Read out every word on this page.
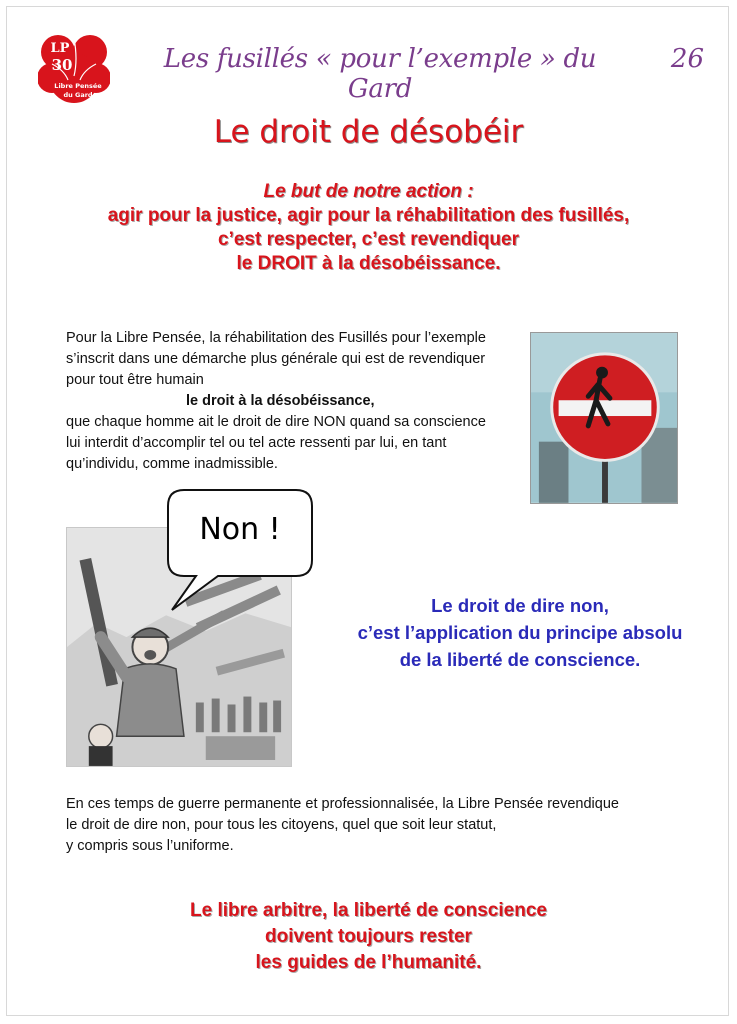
LP
30
Libre Pensée
du Gard
Les fusillés « pour l’exemple » du Gard
26
Le droit de désobéir
Le but de notre action :
agir pour la justice, agir pour la réhabilitation des fusillés,
c’est respecter, c’est revendiquer
le DROIT à la désobéissance.
Pour la Libre Pensée, la réhabilitation des Fusillés pour l’exemple
s’inscrit dans une démarche plus générale qui est de revendiquer
pour tout être humain
le droit à la désobéissance,
que chaque homme ait le droit de dire NON quand sa conscience
lui interdit d’accomplir tel ou tel acte ressenti par lui, en tant
qu’individu, comme inadmissible.
Non !
Le droit de dire non,
c’est l’application du principe absolu
de la liberté de conscience.
En ces temps de guerre permanente et professionnalisée, la Libre Pensée revendique
le droit de dire non, pour tous les citoyens, quel que soit leur statut,
y compris sous l’uniforme.
Le libre arbitre, la liberté de conscience
doivent toujours rester
les guides de l’humanité.
